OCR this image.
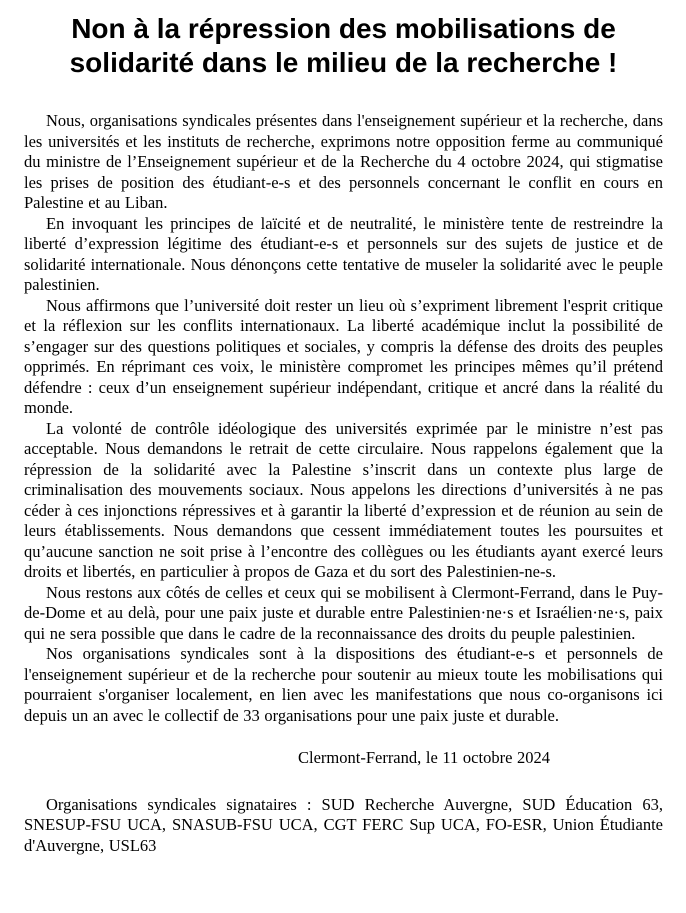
Non à la répression des mobilisations de solidarité dans le milieu de la recherche !

Nous, organisations syndicales présentes dans l'enseignement supérieur et la recherche, dans les universités et les instituts de recherche, exprimons notre opposition ferme au communiqué du ministre de l’Enseignement supérieur et de la Recherche du 4 octobre 2024, qui stigmatise les prises de position des étudiant-e-s et des personnels concernant le conflit en cours en Palestine et au Liban.

En invoquant les principes de laïcité et de neutralité, le ministère tente de restreindre la liberté d’expression légitime des étudiant-e-s et personnels sur des sujets de justice et de solidarité internationale. Nous dénonçons cette tentative de museler la solidarité avec le peuple palestinien.

Nous affirmons que l’université doit rester un lieu où s’expriment librement l'esprit critique et la réflexion sur les conflits internationaux. La liberté académique inclut la possibilité de s’engager sur des questions politiques et sociales, y compris la défense des droits des peuples opprimés. En réprimant ces voix, le ministère compromet les principes mêmes qu’il prétend défendre : ceux d’un enseignement supérieur indépendant, critique et ancré dans la réalité du monde.

La volonté de contrôle idéologique des universités exprimée par le ministre n’est pas acceptable. Nous demandons le retrait de cette circulaire. Nous rappelons également que la répression de la solidarité avec la Palestine s’inscrit dans un contexte plus large de criminalisation des mouvements sociaux. Nous appelons les directions d’universités à ne pas céder à ces injonctions répressives et à garantir la liberté d’expression et de réunion au sein de leurs établissements. Nous demandons que cessent immédiatement toutes les poursuites et qu’aucune sanction ne soit prise à l’encontre des collègues ou les étudiants ayant exercé leurs droits et libertés, en particulier à propos de Gaza et du sort des Palestinien-ne-s.

Nous restons aux côtés de celles et ceux qui se mobilisent à Clermont-Ferrand, dans le Puy-de-Dome et au delà, pour une paix juste et durable entre Palestinien·ne·s et Israélien·ne·s, paix qui ne sera possible que dans le cadre de la reconnaissance des droits du peuple palestinien.

Nos organisations syndicales sont à la dispositions des étudiant-e-s et personnels de l'enseignement supérieur et de la recherche pour soutenir au mieux toute les mobilisations qui pourraient s'organiser localement, en lien avec les manifestations que nous co-organisons ici depuis un an avec le collectif de 33 organisations pour une paix juste et durable.

Clermont-Ferrand, le 11 octobre 2024

Organisations syndicales signataires : SUD Recherche Auvergne, SUD Éducation 63, SNESUP-FSU UCA, SNASUB-FSU UCA, CGT FERC Sup UCA, FO-ESR, Union Étudiante d'Auvergne, USL63
